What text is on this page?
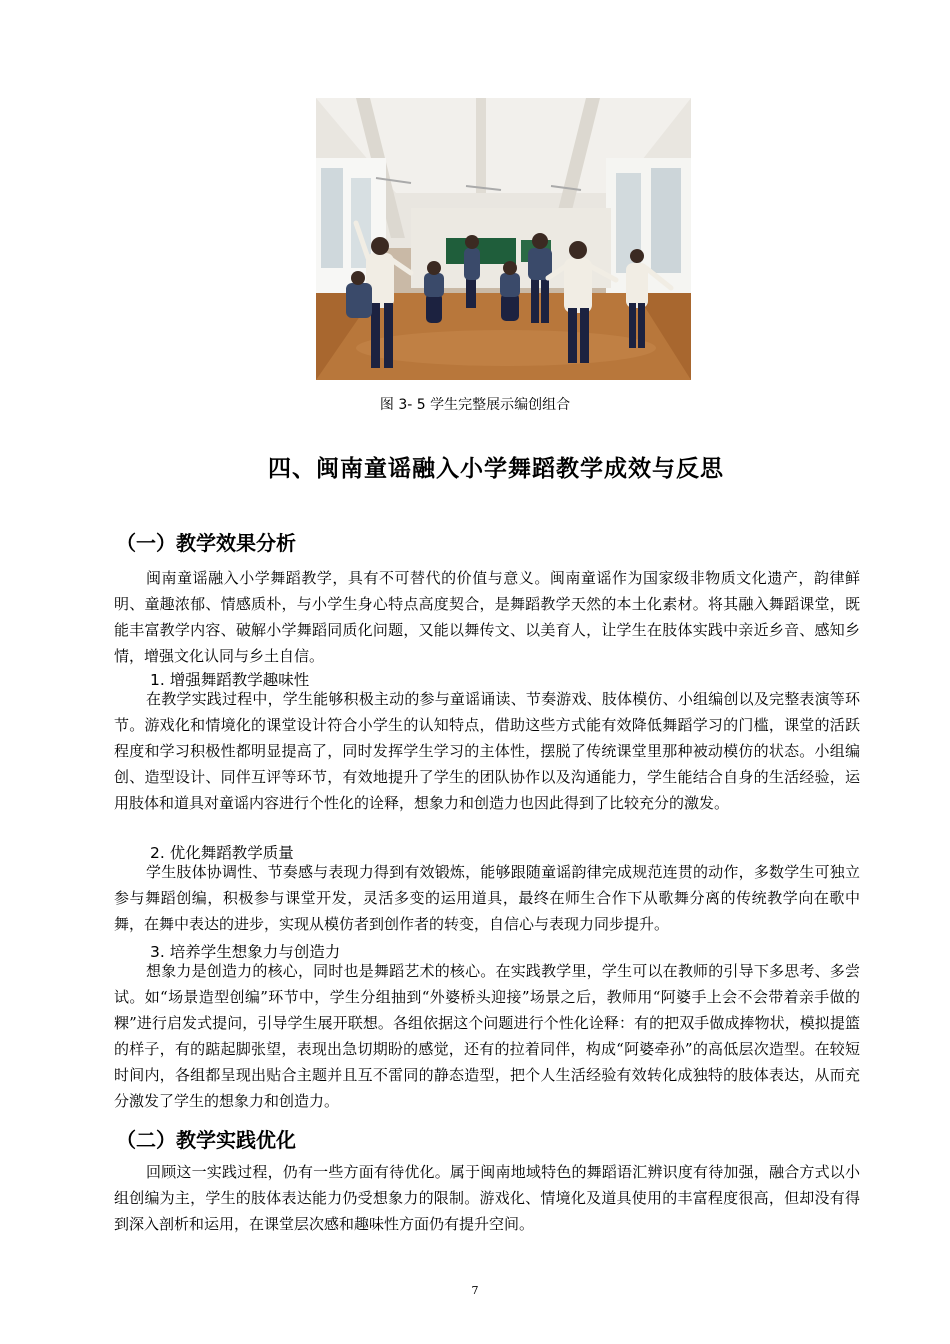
图 3- 5 学生完整展示编创组合
四、闽南童谣融入小学舞蹈教学成效与反思
（一）教学效果分析
闽南童谣融入小学舞蹈教学，具有不可替代的价值与意义。闽南童谣作为国家级非物质文化遗产，韵律鲜明、童趣浓郁、情感质朴，与小学生身心特点高度契合，是舞蹈教学天然的本土化素材。将其融入舞蹈课堂，既能丰富教学内容、破解小学舞蹈同质化问题，又能以舞传文、以美育人，让学生在肢体实践中亲近乡音、感知乡情，增强文化认同与乡土自信。
1. 增强舞蹈教学趣味性
在教学实践过程中，学生能够积极主动的参与童谣诵读、节奏游戏、肢体模仿、小组编创以及完整表演等环节。游戏化和情境化的课堂设计符合小学生的认知特点，借助这些方式能有效降低舞蹈学习的门槛，课堂的活跃程度和学习积极性都明显提高了，同时发挥学生学习的主体性，摆脱了传统课堂里那种被动模仿的状态。小组编创、造型设计、同伴互评等环节，有效地提升了学生的团队协作以及沟通能力，学生能结合自身的生活经验，运用肢体和道具对童谣内容进行个性化的诠释，想象力和创造力也因此得到了比较充分的激发。
2. 优化舞蹈教学质量
学生肢体协调性、节奏感与表现力得到有效锻炼，能够跟随童谣韵律完成规范连贯的动作，多数学生可独立参与舞蹈创编，积极参与课堂开发，灵活多变的运用道具，最终在师生合作下从歌舞分离的传统教学向在歌中舞，在舞中表达的进步，实现从模仿者到创作者的转变，自信心与表现力同步提升。
3. 培养学生想象力与创造力
想象力是创造力的核心，同时也是舞蹈艺术的核心。在实践教学里，学生可以在教师的引导下多思考、多尝试。如“场景造型创编”环节中，学生分组抽到“外婆桥头迎接”场景之后，教师用“阿婆手上会不会带着亲手做的粿”进行启发式提问，引导学生展开联想。各组依据这个问题进行个性化诠释：有的把双手做成捧物状，模拟提篮的样子，有的踮起脚张望，表现出急切期盼的感觉，还有的拉着同伴，构成“阿婆牵孙”的高低层次造型。在较短时间内，各组都呈现出贴合主题并且互不雷同的静态造型，把个人生活经验有效转化成独特的肢体表达，从而充分激发了学生的想象力和创造力。
（二）教学实践优化
回顾这一实践过程，仍有一些方面有待优化。属于闽南地域特色的舞蹈语汇辨识度有待加强，融合方式以小组创编为主，学生的肢体表达能力仍受想象力的限制。游戏化、情境化及道具使用的丰富程度很高，但却没有得到深入剖析和运用，在课堂层次感和趣味性方面仍有提升空间。
7
